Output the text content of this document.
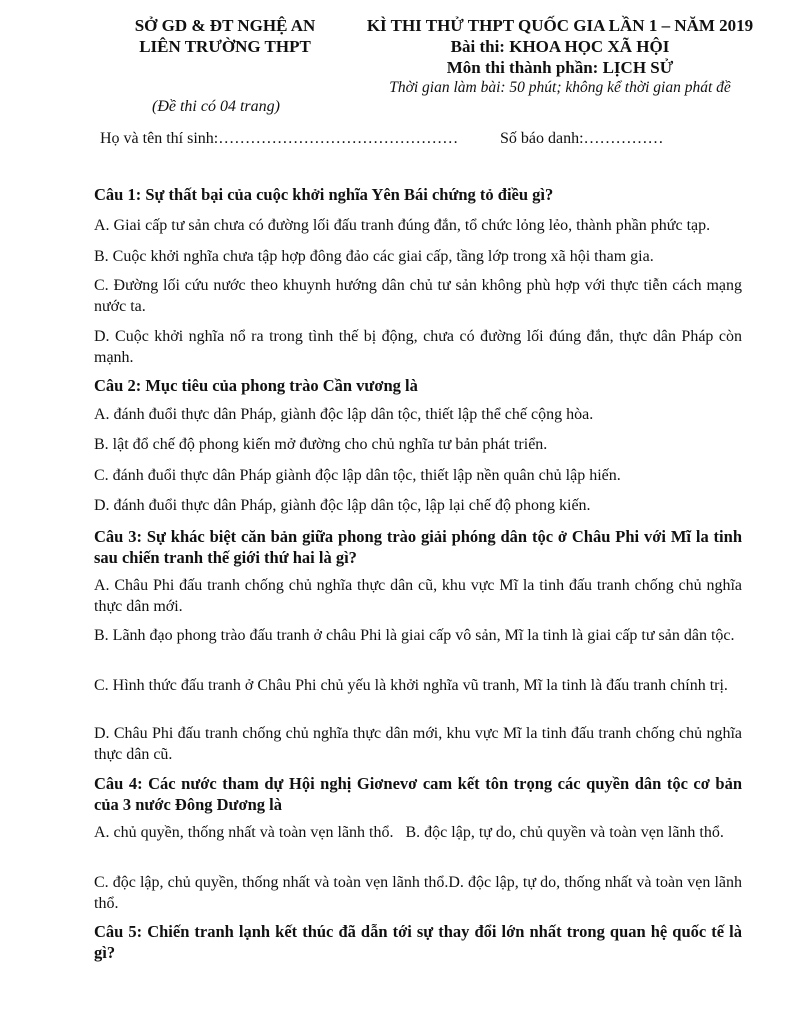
SỞ GD & ĐT NGHỆ AN
LIÊN TRƯỜNG THPT
KÌ THI THỬ THPT QUỐC GIA LẦN 1 – NĂM 2019
Bài thi: KHOA HỌC XÃ HỘI
Môn thi thành phần: LỊCH SỬ
Thời gian làm bài: 50 phút; không kể thời gian phát đề
(Đề thi có 04 trang)
Họ và tên thí sinh:………………………………………	Số báo danh:……………
Câu 1: Sự thất bại của cuộc khởi nghĩa Yên Bái chứng tỏ điều gì?
A. Giai cấp tư sản chưa có đường lối đấu tranh đúng đắn, tổ chức lỏng lẻo, thành phần phức tạp.
B. Cuộc khởi nghĩa chưa tập hợp đông đảo các giai cấp, tầng lớp trong xã hội tham gia.
C. Đường lối cứu nước theo khuynh hướng dân chủ tư sản không phù hợp với thực tiễn cách mạng nước ta.
D. Cuộc khởi nghĩa nổ ra trong tình thế bị động, chưa có đường lối đúng đắn, thực dân Pháp còn mạnh.
Câu 2: Mục tiêu của phong trào Cần vương là
A. đánh đuổi thực dân Pháp, giành độc lập dân tộc, thiết lập thể chế cộng hòa.
B. lật đổ chế độ phong kiến mở đường cho chủ nghĩa tư bản phát triển.
C. đánh đuổi thực dân Pháp giành độc lập dân tộc, thiết lập nền quân chủ lập hiến.
D. đánh đuổi thực dân Pháp, giành độc lập dân tộc, lập lại chế độ phong kiến.
Câu 3: Sự khác biệt căn bản giữa phong trào giải phóng dân tộc ở Châu Phi với Mĩ la tinh sau chiến tranh thế giới thứ hai là gì?
A. Châu Phi đấu tranh chống chủ nghĩa thực dân cũ, khu vực Mĩ la tinh đấu tranh chống chủ nghĩa thực dân mới.
B. Lãnh đạo phong trào đấu tranh ở châu Phi là giai cấp vô sản, Mĩ la tinh là giai cấp tư sản dân tộc.
C. Hình thức đấu tranh ở Châu Phi chủ yếu là khởi nghĩa vũ tranh, Mĩ la tinh là đấu tranh chính trị.
D. Châu Phi đấu tranh chống chủ nghĩa thực dân mới, khu vực Mĩ la tinh đấu tranh chống chủ nghĩa thực dân cũ.
Câu 4: Các nước tham dự Hội nghị Giơnevơ cam kết tôn trọng các quyền dân tộc cơ bản của 3 nước Đông Dương là
A. chủ quyền, thống nhất và toàn vẹn lãnh thổ.   B. độc lập, tự do, chủ quyền và toàn vẹn lãnh thổ.
C. độc lập, chủ quyền, thống nhất và toàn vẹn lãnh thổ.D. độc lập, tự do, thống nhất và toàn vẹn lãnh thổ.
Câu 5: Chiến tranh lạnh kết thúc đã dẫn tới sự thay đổi lớn nhất trong quan hệ quốc tế là gì?
